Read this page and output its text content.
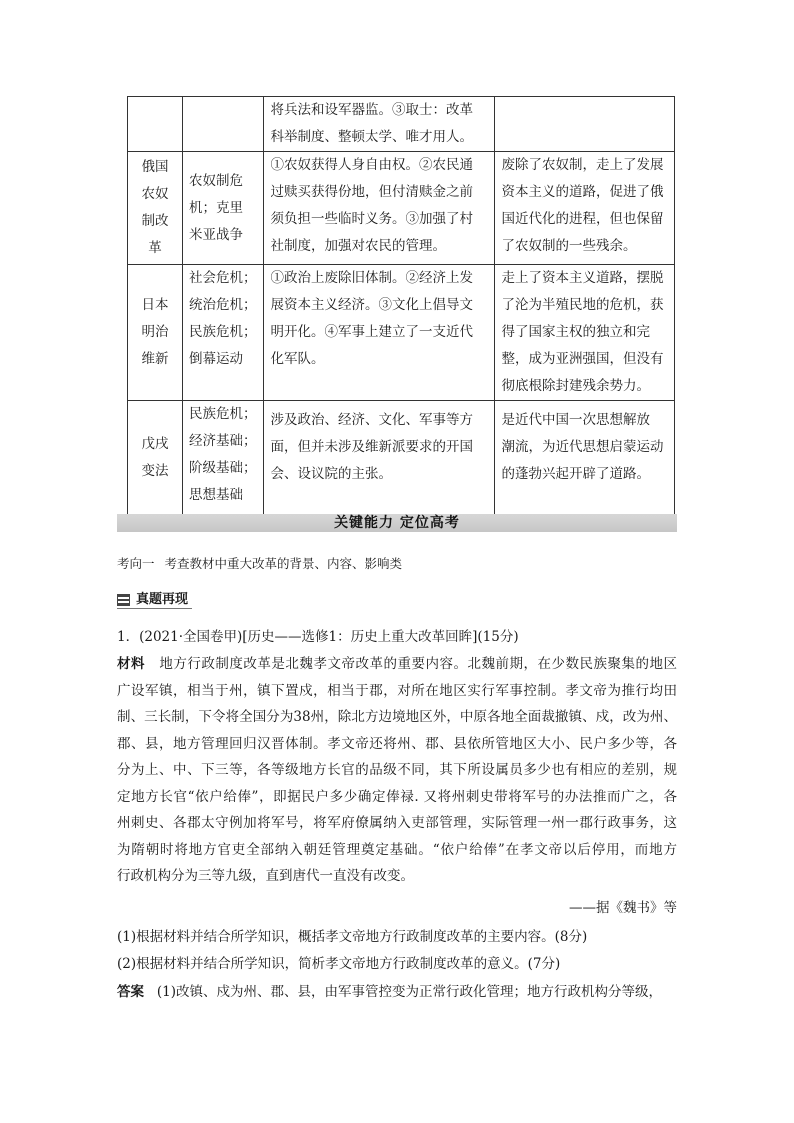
		将兵法和设军器监。③取士：改革
科举制度、整顿太学、唯才用人。	

俄国
农奴
制改
革	农奴制危
机；克里
米亚战争	①农奴获得人身自由权。②农民通
过赎买获得份地，但付清赎金之前
须负担一些临时义务。③加强了村
社制度，加强对农民的管理。	废除了农奴制，走上了发展
资本主义的道路，促进了俄
国近代化的进程，但也保留
了农奴制的一些残余。

日本
明治
维新	社会危机；
统治危机；
民族危机；
倒幕运动	①政治上废除旧体制。②经济上发
展资本主义经济。③文化上倡导文
明开化。④军事上建立了一支近代
化军队。	走上了资本主义道路，摆脱
了沦为半殖民地的危机，获
得了国家主权的独立和完
整，成为亚洲强国，但没有
彻底根除封建残余势力。

戊戌
变法	民族危机；
经济基础；
阶级基础；
思想基础	涉及政治、经济、文化、军事等方
面，但并未涉及维新派要求的开国
会、设议院的主张。	是近代中国一次思想解放
潮流，为近代思想启蒙运动
的蓬勃兴起开辟了道路。
关键能力 定位高考
考向一 考查教材中重大改革的背景、内容、影响类
真题再现
1．(2021·全国卷甲)[历史——选修1：历史上重大改革回眸](15分)
材料 地方行政制度改革是北魏孝文帝改革的重要内容。北魏前期，在少数民族聚集的地区
广设军镇，相当于州，镇下置戍，相当于郡，对所在地区实行军事控制。孝文帝为推行均田
制、三长制，下令将全国分为38州，除北方边境地区外，中原各地全面裁撤镇、戍，改为州、
郡、县，地方管理回归汉晋体制。孝文帝还将州、郡、县依所管地区大小、民户多少等，各
分为上、中、下三等，各等级地方长官的品级不同，其下所设属员多少也有相应的差别，规
定地方长官“依户给俸”，即据民户多少确定俸禄. 又将州刺史带将军号的办法推而广之，各
州刺史、各郡太守例加将军号，将军府僚属纳入吏部管理，实际管理一州一郡行政事务，这
为隋朝时将地方官吏全部纳入朝廷管理奠定基础。“依户给俸”在孝文帝以后停用，而地方
行政机构分为三等九级，直到唐代一直没有改变。
——据《魏书》等
(1)根据材料并结合所学知识，概括孝文帝地方行政制度改革的主要内容。(8分)
(2)根据材料并结合所学知识，简析孝文帝地方行政制度改革的意义。(7分)
答案 (1)改镇、戍为州、郡、县，由军事管控变为正常行政化管理；地方行政机构分等级，
